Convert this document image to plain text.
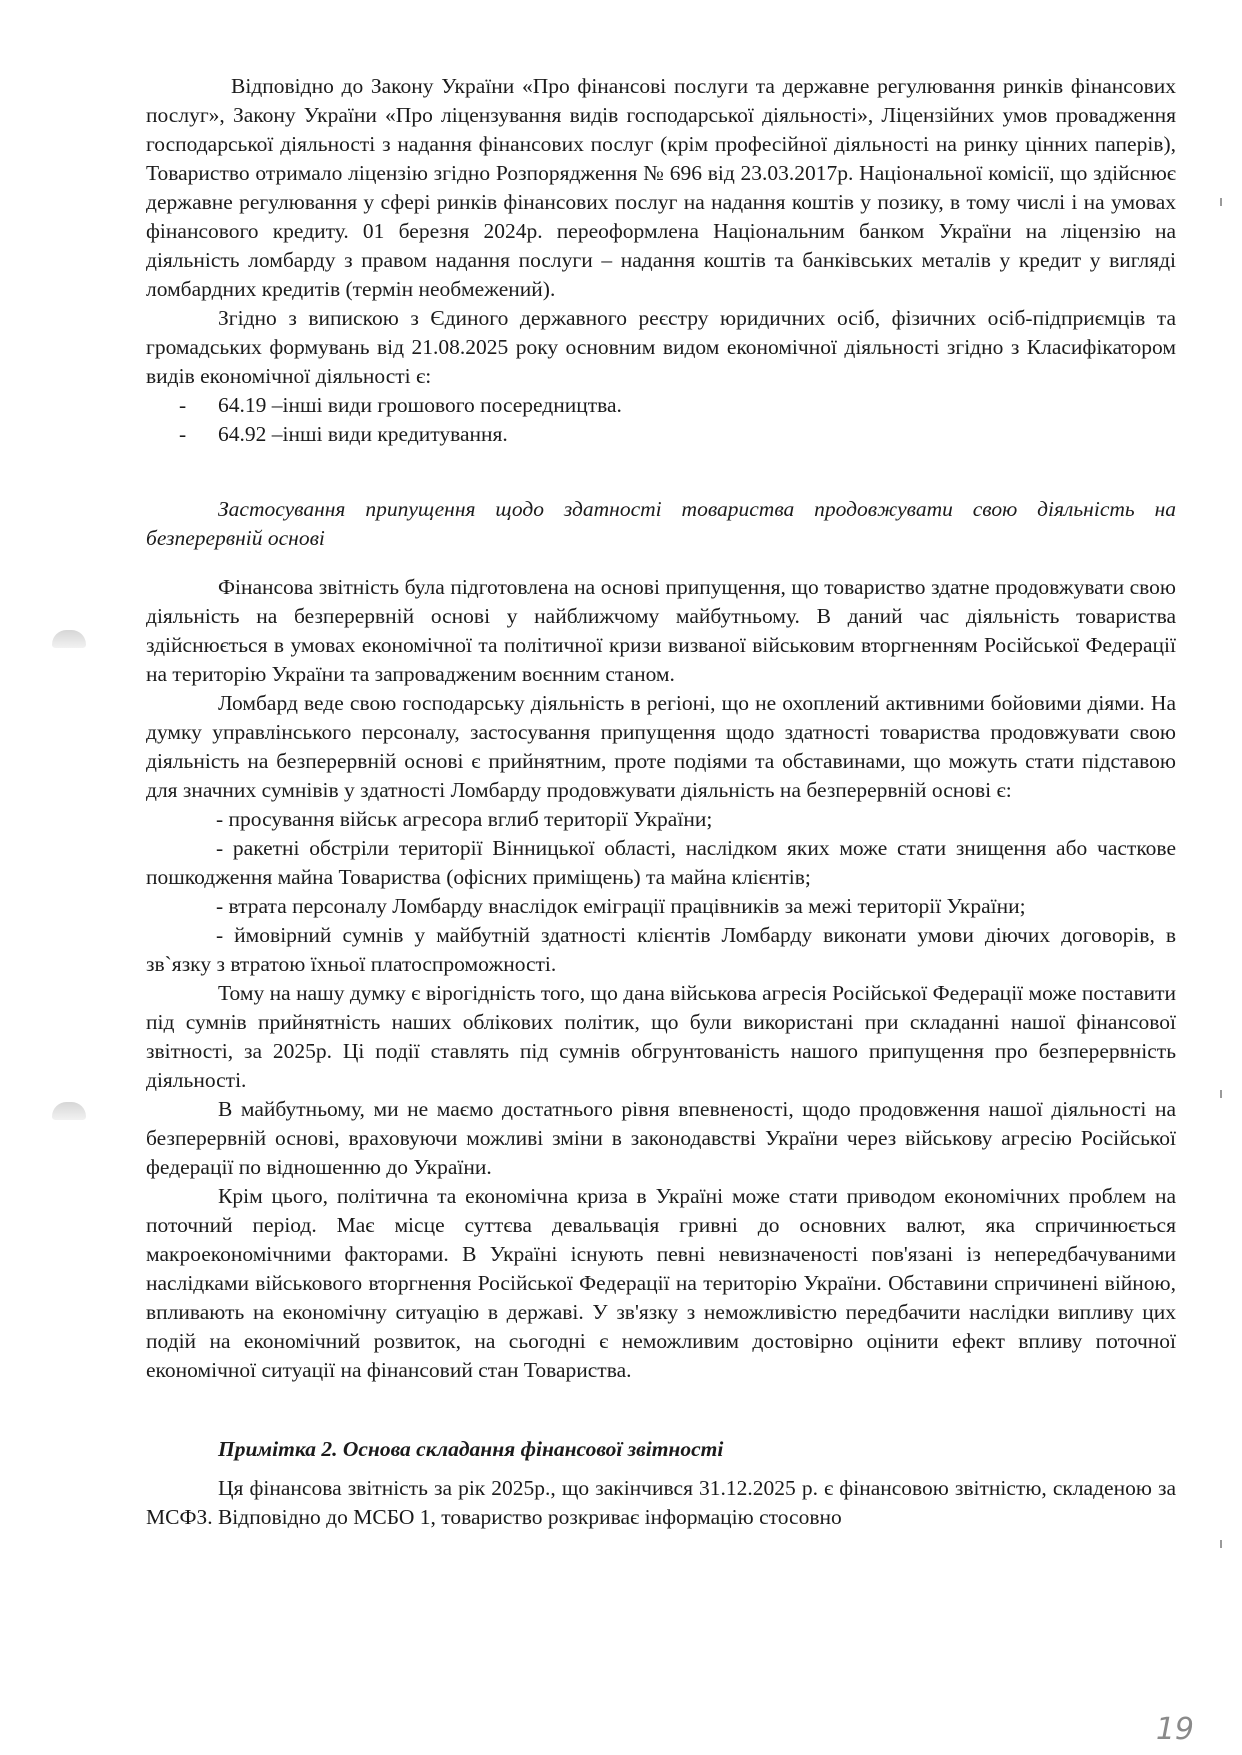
Відповідно до Закону України «Про фінансові послуги та державне регулювання ринків фінансових послуг», Закону України «Про ліцензування видів господарської діяльності», Ліцензійних умов провадження господарської діяльності з надання фінансових послуг (крім професійної діяльності на ринку цінних паперів), Товариство отримало ліцензію згідно Розпорядження № 696 від 23.03.2017р. Національної комісії, що здійснює державне регулювання у сфері ринків фінансових послуг на надання коштів у позику, в тому числі і на умовах фінансового кредиту. 01 березня 2024р. переоформлена Національним банком України на ліцензію на діяльність ломбарду з правом надання послуги – надання коштів та банківських металів у кредит у вигляді ломбардних кредитів (термін необмежений).

Згідно з випискою з Єдиного державного реєстру юридичних осіб, фізичних осіб-підприємців та громадських формувань від 21.08.2025 року основним видом економічної діяльності згідно з Класифікатором видів економічної діяльності є:

- 64.19 –інші види грошового посередництва.
- 64.92 –інші види кредитування.

Застосування припущення щодо здатності товариства продовжувати свою діяльність на безперервній основі

Фінансова звітність була підготовлена на основі припущення, що товариство здатне продовжувати свою діяльність на безперервній основі у найближчому майбутньому. В даний час діяльність товариства здійснюється в умовах економічної та політичної кризи визваної військовим вторгненням Російської Федерації на територію України та запровадженим воєнним станом.

Ломбард веде свою господарську діяльність в регіоні, що не охоплений активними бойовими діями. На думку управлінського персоналу, застосування припущення щодо здатності товариства продовжувати свою діяльність на безперервній основі є прийнятним, проте подіями та обставинами, що можуть стати підставою для значних сумнівів у здатності Ломбарду продовжувати діяльність на безперервній основі є:

- просування військ агресора вглиб території України;

- ракетні обстріли території Вінницької області, наслідком яких може стати знищення або часткове пошкодження майна Товариства (офісних приміщень) та майна клієнтів;

- втрата персоналу Ломбарду внаслідок еміграції працівників за межі території України;

- ймовірний сумнів у майбутній здатності клієнтів Ломбарду виконати умови діючих договорів, в зв`язку з втратою їхньої платоспроможності.

Тому на нашу думку є вірогідність того, що дана військова агресія Російської Федерації може поставити під сумнів прийнятність наших облікових політик, що були використані при складанні нашої фінансової звітності, за 2025р. Ці події ставлять під сумнів обгрунтованість нашого припущення про безперервність діяльності.

В майбутньому, ми не маємо достатнього рівня впевненості, щодо продовження нашої діяльності на безперервній основі, враховуючи можливі зміни в законодавстві України через військову агресію Російської федерації по відношенню до України.

Крім цього, політична та економічна криза в Україні може стати приводом економічних проблем на поточний період. Має місце суттєва девальвація гривні до основних валют, яка спричинюється макроекономічними факторами. В Україні існують певні невизначеності пов'язані із непередбачуваними наслідками військового вторгнення Російської Федерації на територію України. Обставини спричинені війною, впливають на економічну ситуацію в державі. У зв'язку з неможливістю передбачити наслідки випливу цих подій на економічний розвиток, на сьогодні є неможливим достовірно оцінити ефект впливу поточної економічної ситуації на фінансовий стан Товариства.

Примітка 2. Основа складання фінансової звітності

Ця фінансова звітність за рік 2025р., що закінчився 31.12.2025 р. є фінансовою звітністю, складеною за МСФЗ. Відповідно до МСБО 1, товариство розкриває інформацію стосовно

19
